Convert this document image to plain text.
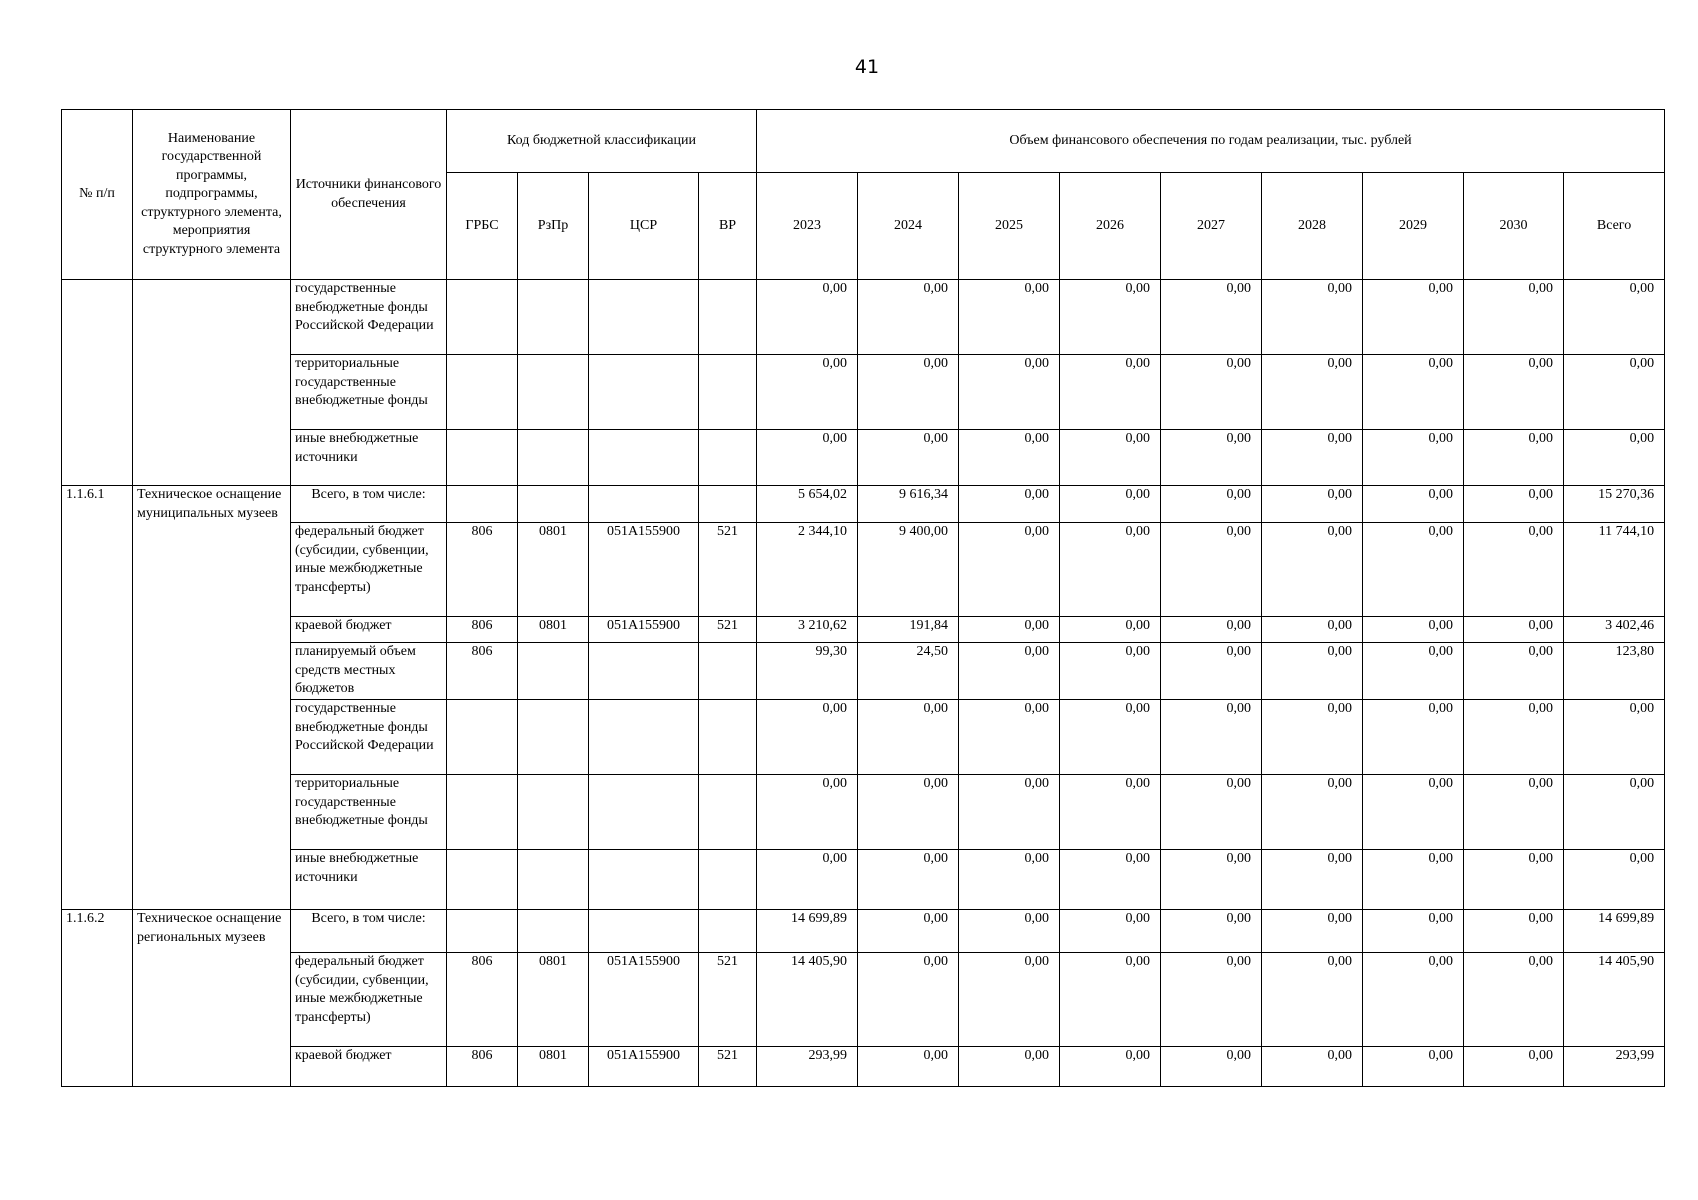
41
№ п/п	Наименование государственной программы, подпрограммы, структурного элемента, мероприятия структурного элемента	Источники финансового обеспечения	Код бюджетной классификации				Объем финансового обеспечения по годам реализации, тыс. рублей								
			ГРБС	РзПр	ЦСР	ВР	2023	2024	2025	2026	2027	2028	2029	2030	Всего
		государственные внебюджетные фонды Российской Федерации					0,00	0,00	0,00	0,00	0,00	0,00	0,00	0,00	0,00
		территориальные государственные внебюджетные фонды					0,00	0,00	0,00	0,00	0,00	0,00	0,00	0,00	0,00
		иные внебюджетные источники					0,00	0,00	0,00	0,00	0,00	0,00	0,00	0,00	0,00
1.1.6.1	Техническое оснащение муниципальных музеев	Всего, в том числе:					5 654,02	9 616,34	0,00	0,00	0,00	0,00	0,00	0,00	15 270,36
		федеральный бюджет (субсидии, субвенции, иные межбюджетные трансферты)	806	0801	051A155900	521	2 344,10	9 400,00	0,00	0,00	0,00	0,00	0,00	0,00	11 744,10
		краевой бюджет	806	0801	051A155900	521	3 210,62	191,84	0,00	0,00	0,00	0,00	0,00	0,00	3 402,46
		планируемый объем средств местных бюджетов	806				99,30	24,50	0,00	0,00	0,00	0,00	0,00	0,00	123,80
		государственные внебюджетные фонды Российской Федерации					0,00	0,00	0,00	0,00	0,00	0,00	0,00	0,00	0,00
		территориальные государственные внебюджетные фонды					0,00	0,00	0,00	0,00	0,00	0,00	0,00	0,00	0,00
		иные внебюджетные источники					0,00	0,00	0,00	0,00	0,00	0,00	0,00	0,00	0,00
1.1.6.2	Техническое оснащение региональных музеев	Всего, в том числе:					14 699,89	0,00	0,00	0,00	0,00	0,00	0,00	0,00	14 699,89
		федеральный бюджет (субсидии, субвенции, иные межбюджетные трансферты)	806	0801	051A155900	521	14 405,90	0,00	0,00	0,00	0,00	0,00	0,00	0,00	14 405,90
		краевой бюджет	806	0801	051A155900	521	293,99	0,00	0,00	0,00	0,00	0,00	0,00	0,00	293,99
